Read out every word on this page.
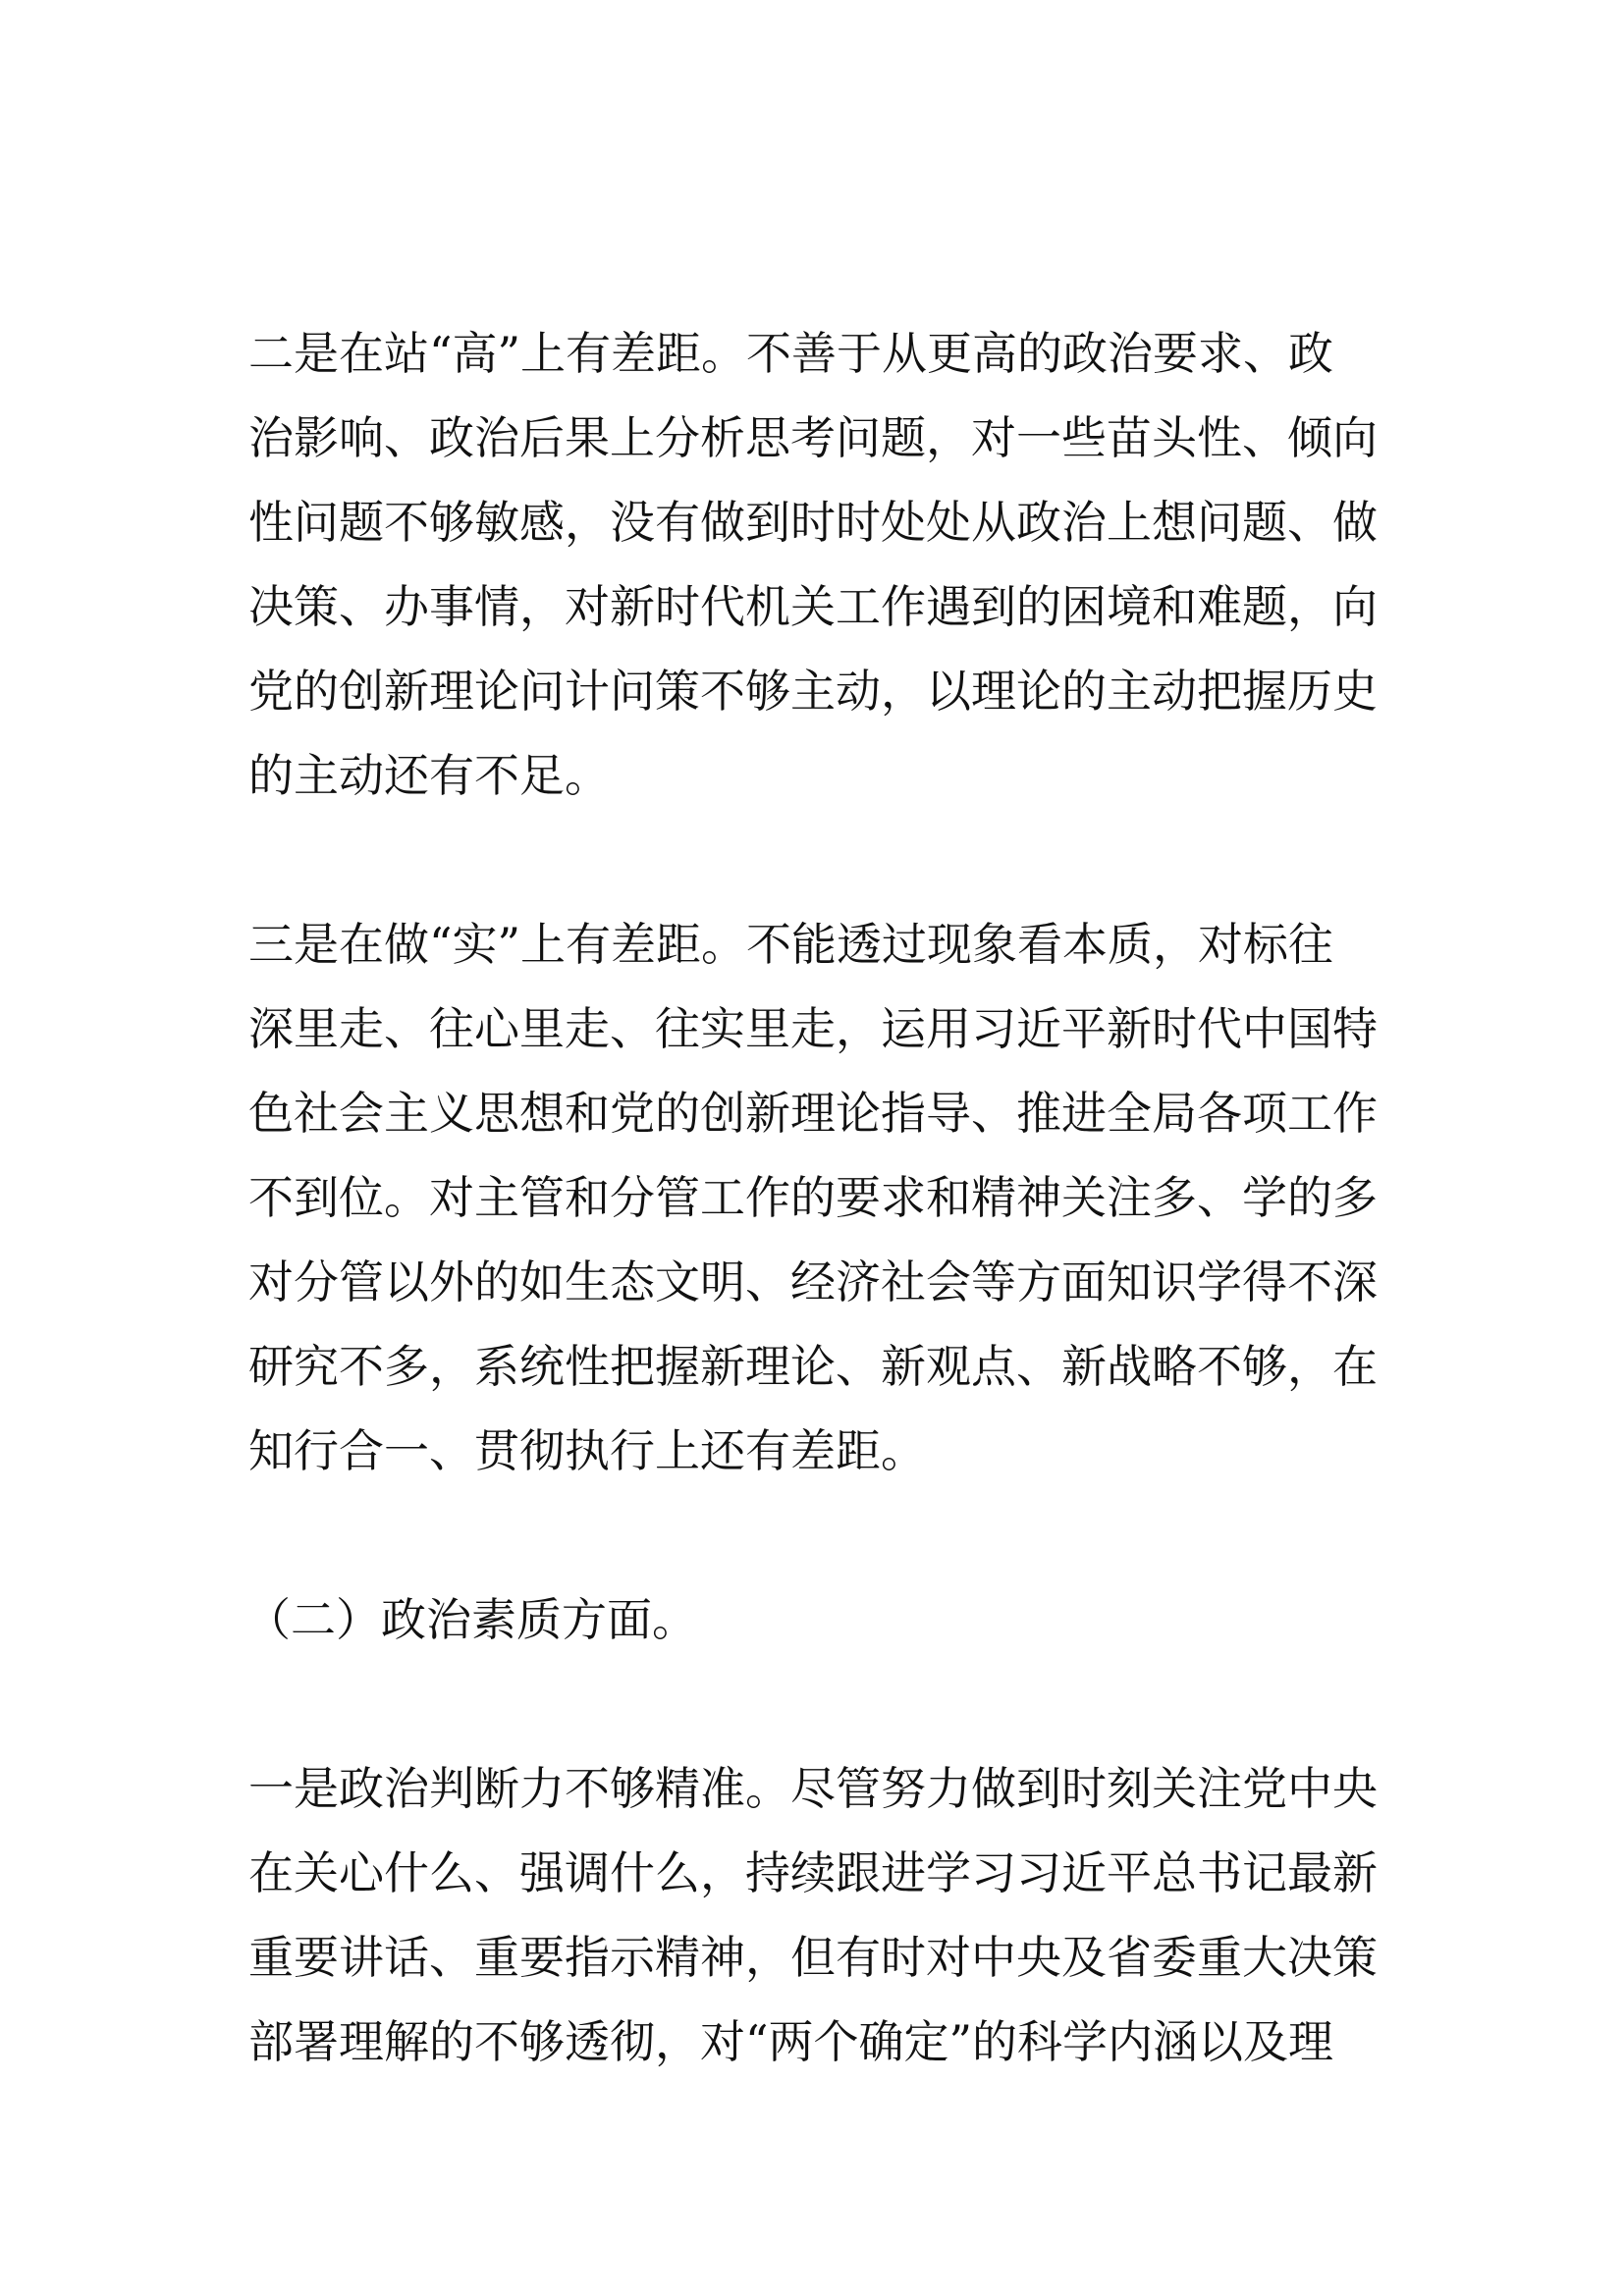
二是在站“高”上有差距。不善于从更高的政治要求、政

治影响、政治后果上分析思考问题，对一些苗头性、倾向

性问题不够敏感，没有做到时时处处从政治上想问题、做

决策、办事情，对新时代机关工作遇到的困境和难题，向

党的创新理论问计问策不够主动，以理论的主动把握历史

的主动还有不足。

三是在做“实”上有差距。不能透过现象看本质，对标往

深里走、往心里走、往实里走，运用习近平新时代中国特

色社会主义思想和党的创新理论指导、推进全局各项工作

不到位。对主管和分管工作的要求和精神关注多、学的多

对分管以外的如生态文明、经济社会等方面知识学得不深

研究不多，系统性把握新理论、新观点、新战略不够，在

知行合一、贯彻执行上还有差距。

（二）政治素质方面。

一是政治判断力不够精准。尽管努力做到时刻关注党中央

在关心什么、强调什么，持续跟进学习习近平总书记最新

重要讲话、重要指示精神，但有时对中央及省委重大决策

部署理解的不够透彻，对“两个确定”的科学内涵以及理
